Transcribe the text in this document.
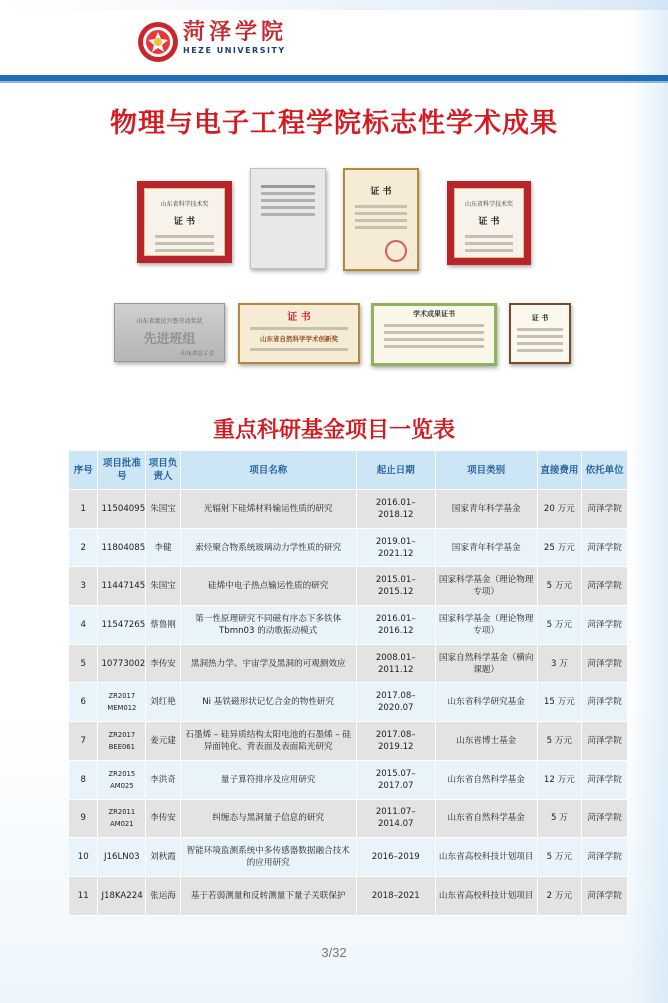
菏泽学院
HEZE UNIVERSITY
物理与电子工程学院标志性学术成果
山东省科学技术奖
证 书
证 书
山东省科学技术奖
证 书
山东省富民兴鲁劳动奖状
先进班组
山东省总工会
证 书
山东省自然科学学术创新奖
学术成果证书	证 书
重点科研基金项目一览表
序号	项目批准号	项目负责人	项目名称	起止日期	项目类别	直接费用	依托单位
1	11504095	朱国宝	光辐射下硅烯材料输运性质的研究	2016.01–2018.12	国家青年科学基金	20 万元	菏泽学院
2	11804085	李健	索烃聚合物系统玻璃动力学性质的研究	2019.01–2021.12	国家青年科学基金	25 万元	菏泽学院
3	11447145	朱国宝	硅烯中电子热点输运性质的研究	2015.01–2015.12	国家科学基金（理论物理专项）	5 万元	菏泽学院
4	11547265	蔡鲁刚	第一性原理研究不同磁有序态下多铁体Tbmn03 的动歌振动模式	2016.01–2016.12	国家科学基金（理论物理专项）	5 万元	菏泽学院
5	10773002	李传安	黑洞热力学、宇宙学及黑洞的可观测效应	2008.01–2011.12	国家自然科学基金（横向课题）	3 万	菏泽学院
6	ZR2017 MEM012	刘红艳	Ni 基铁磁形状记忆合金的物性研究	2017.08–2020.07	山东省科学研究基金	15 万元	菏泽学院
7	ZR2017 BEE061	姜元建	石墨烯 – 硅异质结构太阳电池的石墨烯 – 硅异面钝化、背表面及表面陷光研究	2017.08–2019.12	山东省博士基金	5 万元	菏泽学院
8	ZR2015 AM025	李洪奇	量子算符排序及应用研究	2015.07–2017.07	山东省自然科学基金	12 万元	菏泽学院
9	ZR2011 AM021	李传安	纠缠态与黑洞量子信息的研究	2011.07–2014.07	山东省自然科学基金	5 万	菏泽学院
10	J16LN03	刘秋霞	智能环境监测系统中多传感器数据融合技术的应用研究	2016–2019	山东省高校科技计划项目	5 万元	菏泽学院
11	J18KA224	张运海	基于若弱测量和反转测量下量子关联保护	2018–2021	山东省高校科技计划项目	2 万元	菏泽学院
3/32
